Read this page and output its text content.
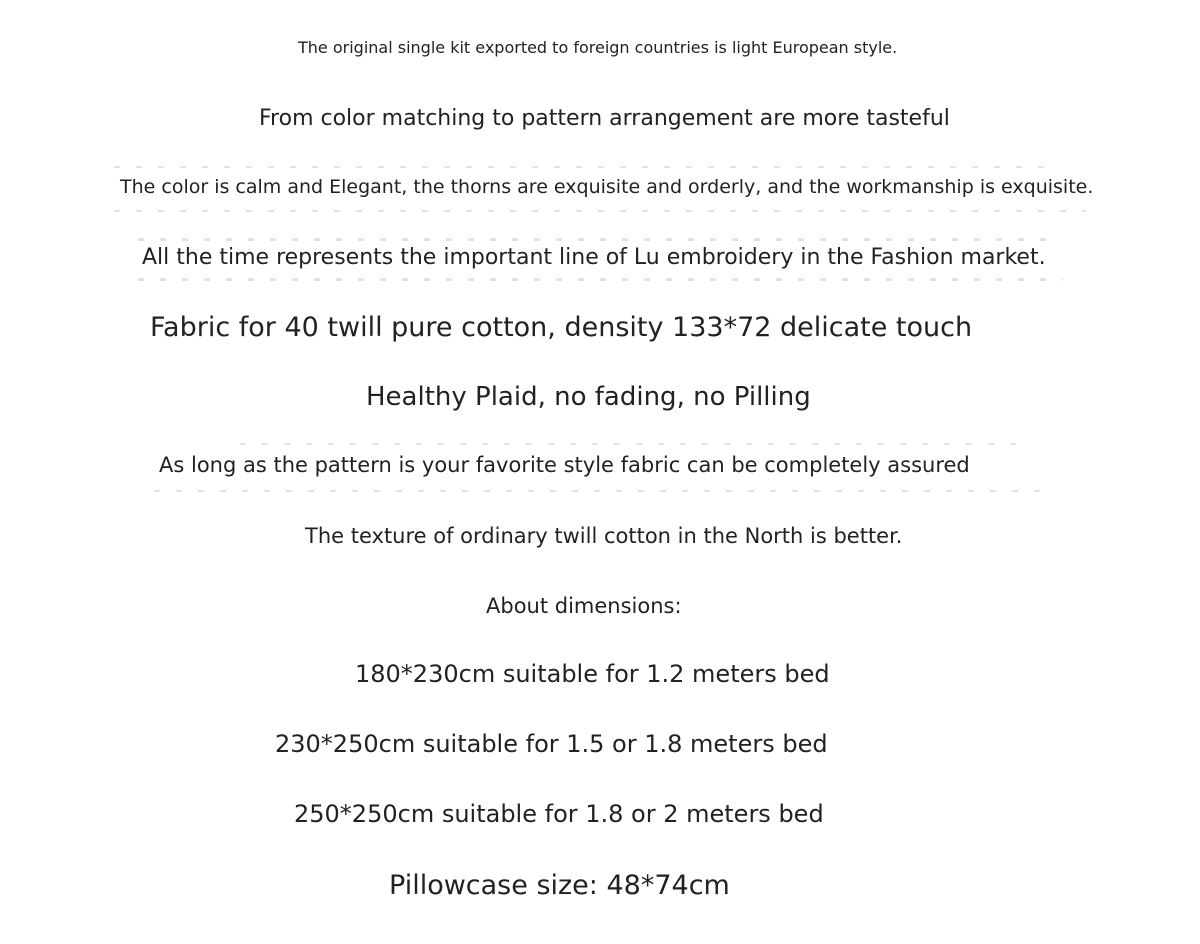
The original single kit exported to foreign countries is light European style.
From color matching to pattern arrangement are more tasteful
The color is calm and Elegant, the thorns are exquisite and orderly, and the workmanship is exquisite.
All the time represents the important line of Lu embroidery in the Fashion market.
Fabric for 40 twill pure cotton, density 133*72 delicate touch
Healthy Plaid, no fading, no Pilling
As long as the pattern is your favorite style fabric can be completely assured
The texture of ordinary twill cotton in the North is better.
About dimensions:
180*230cm suitable for 1.2 meters bed
230*250cm suitable for 1.5 or 1.8 meters bed
250*250cm suitable for 1.8 or 2 meters bed
Pillowcase size: 48*74cm
